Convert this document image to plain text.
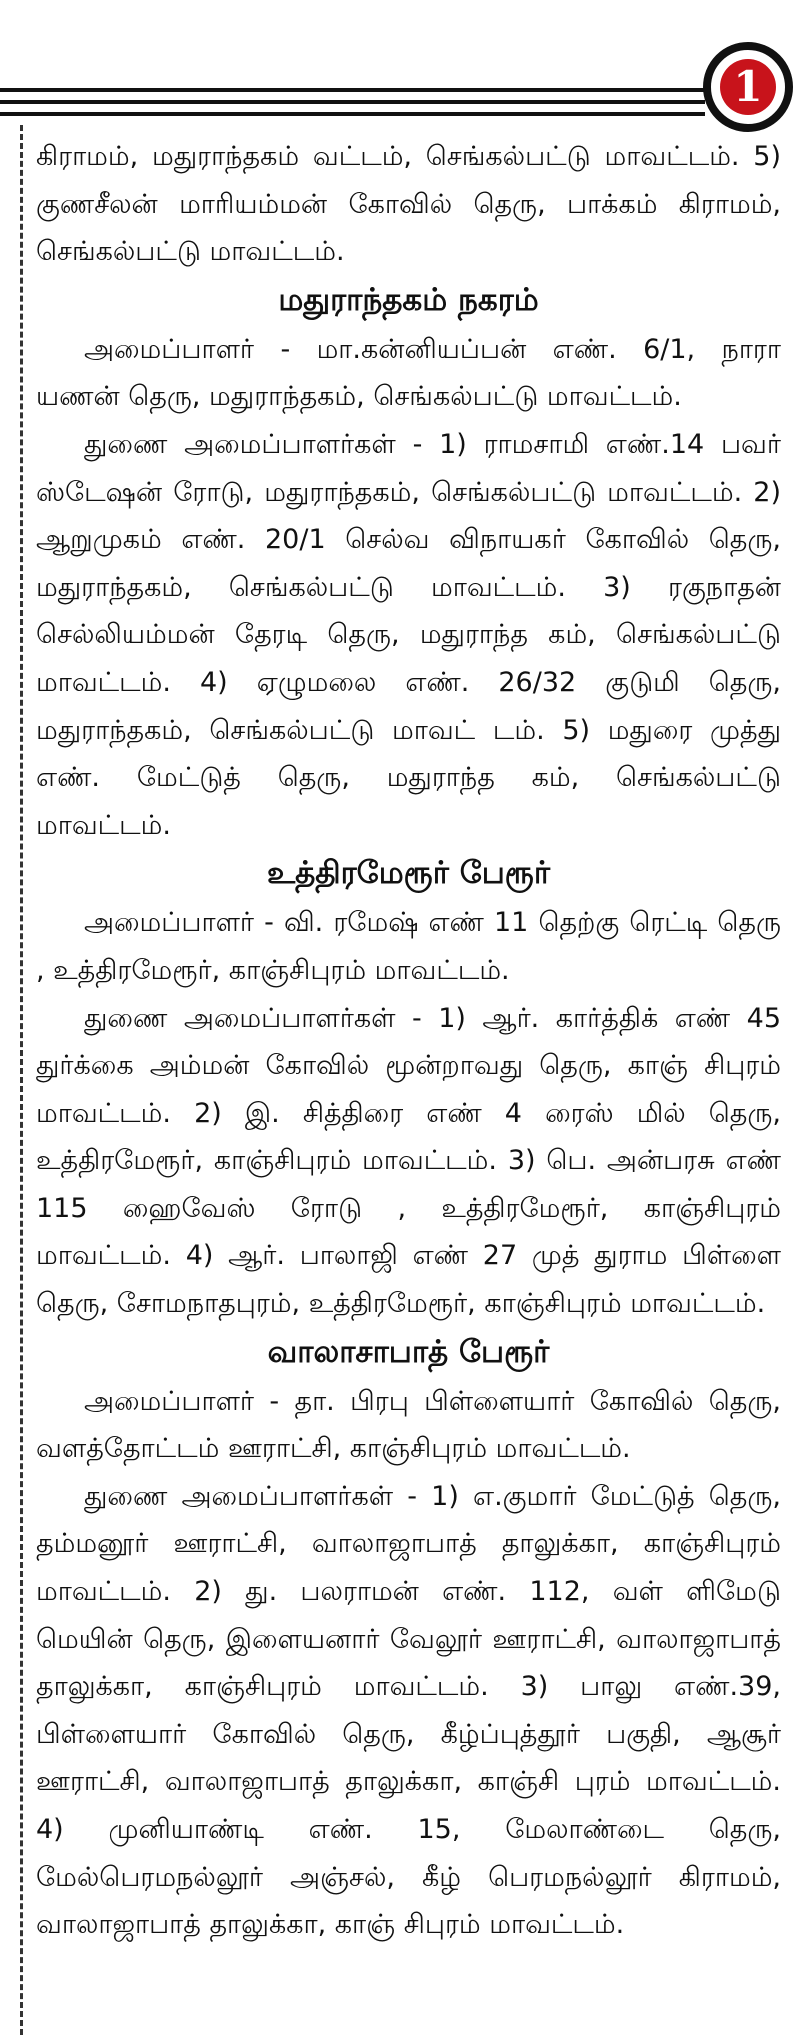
1

கிராமம், மதுராந்தகம் வட்டம், செங்கல்பட்டு மாவட்டம். 5) குணசீலன் மாரியம்மன் கோவில் தெரு, பாக்கம் கிராமம், செங்கல்பட்டு மாவட்டம்.

மதுராந்தகம் நகரம்

அமைப்பாளர் - மா.கன்னியப்பன் எண். 6/1, நாரா யணன் தெரு, மதுராந்தகம், செங்கல்பட்டு மாவட்டம்.

துணை அமைப்பாளர்கள் - 1) ராமசாமி எண்.14 பவர் ஸ்டேஷன் ரோடு, மதுராந்தகம், செங்கல்பட்டு மாவட்டம். 2) ஆறுமுகம் எண். 20/1 செல்வ விநாயகர் கோவில் தெரு, மதுராந்தகம், செங்கல்பட்டு மாவட்டம். 3) ரகுநாதன் செல்லியம்மன் தேரடி தெரு, மதுராந்த கம், செங்கல்பட்டு மாவட்டம். 4) ஏழுமலை எண். 26/32 குடுமி தெரு, மதுராந்தகம், செங்கல்பட்டு மாவட் டம். 5) மதுரை முத்து எண். மேட்டுத் தெரு, மதுராந்த கம், செங்கல்பட்டு மாவட்டம்.

உத்திரமேரூர் பேரூர்

அமைப்பாளர் - வி. ரமேஷ் எண் 11 தெற்கு ரெட்டி தெரு , உத்திரமேரூர், காஞ்சிபுரம் மாவட்டம்.

துணை அமைப்பாளர்கள் - 1) ஆர். கார்த்திக் எண் 45 துர்க்கை அம்மன் கோவில் மூன்றாவது தெரு, காஞ் சிபுரம் மாவட்டம். 2) இ. சித்திரை எண் 4 ரைஸ் மில் தெரு, உத்திரமேரூர், காஞ்சிபுரம் மாவட்டம். 3) பெ. அன்பரசு எண் 115 ஹைவேஸ் ரோடு , உத்திரமேரூர், காஞ்சிபுரம் மாவட்டம். 4) ஆர். பாலாஜி எண் 27 முத் துராம பிள்ளை தெரு, சோமநாதபுரம், உத்திரமேரூர், காஞ்சிபுரம் மாவட்டம்.

வாலாசாபாத் பேரூர்

அமைப்பாளர் - தா. பிரபு பிள்ளையார் கோவில் தெரு, வளத்தோட்டம் ஊராட்சி, காஞ்சிபுரம் மாவட்டம்.

துணை அமைப்பாளர்கள் - 1) எ.குமார் மேட்டுத் தெரு, தம்மனூர் ஊராட்சி, வாலாஜாபாத் தாலுக்கா, காஞ்சிபுரம் மாவட்டம். 2) து. பலராமன் எண். 112, வள் ளிமேடு மெயின் தெரு, இளையனார் வேலூர் ஊராட்சி, வாலாஜாபாத் தாலுக்கா, காஞ்சிபுரம் மாவட்டம். 3) பாலு எண்.39, பிள்ளையார் கோவில் தெரு, கீழ்ப்புத்தூர் பகுதி, ஆசூர் ஊராட்சி, வாலாஜாபாத் தாலுக்கா, காஞ்சி புரம் மாவட்டம். 4) முனியாண்டி எண். 15, மேலாண்டை தெரு, மேல்பெரமநல்லூர் அஞ்சல், கீழ் பெரமநல்லூர் கிராமம், வாலாஜாபாத் தாலுக்கா, காஞ் சிபுரம் மாவட்டம்.
